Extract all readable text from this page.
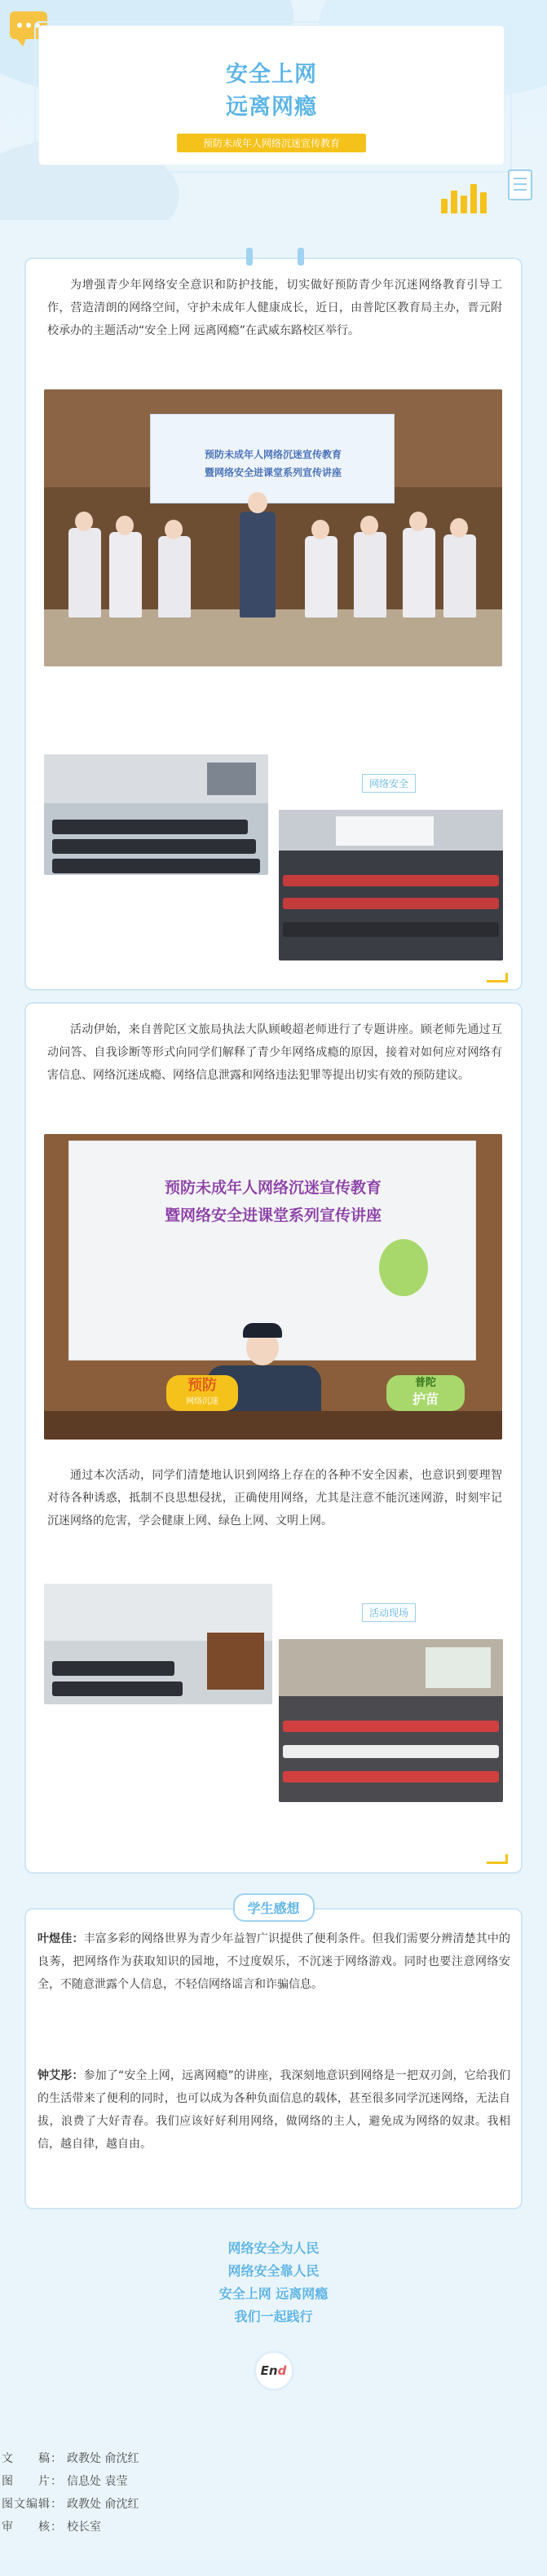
安全上网
远离网瘾
预防未成年人网络沉迷宣传教育
为增强青少年网络安全意识和防护技能，切实做好预防青少年沉迷网络教育引导工作，营造清朗的网络空间，守护未成年人健康成长，近日，由普陀区教育局主办，晋元附校承办的主题活动“安全上网 远离网瘾”在武威东路校区举行。
预防未成年人网络沉迷宣传教育
暨网络安全进课堂系列宣传讲座
网络安全
活动伊始，来自普陀区文旅局执法大队顾峻超老师进行了专题讲座。顾老师先通过互动问答、自我诊断等形式向同学们解释了青少年网络成瘾的原因，接着对如何应对网络有害信息、网络沉迷成瘾、网络信息泄露和网络违法犯罪等提出切实有效的预防建议。
预防未成年人网络沉迷宣传教育
暨网络安全进课堂系列宣传讲座
预防
网络沉迷
普陀
护苗
通过本次活动，同学们清楚地认识到网络上存在的各种不安全因素，也意识到要理智对待各种诱惑，抵制不良思想侵扰，正确使用网络，尤其是注意不能沉迷网游，时刻牢记沉迷网络的危害，学会健康上网、绿色上网、文明上网。
活动现场
学生感想
叶煜佳：丰富多彩的网络世界为青少年益智广识提供了便利条件。但我们需要分辨清楚其中的良莠，把网络作为获取知识的园地，不过度娱乐，不沉迷于网络游戏。同时也要注意网络安全，不随意泄露个人信息，不轻信网络谣言和诈骗信息。
钟艾彤：参加了“安全上网，远离网瘾”的讲座，我深刻地意识到网络是一把双刃剑，它给我们的生活带来了便利的同时，也可以成为各种负面信息的载体，甚至很多同学沉迷网络，无法自拔，浪费了大好青春。我们应该好好利用网络，做网络的主人，避免成为网络的奴隶。我相信，越自律，越自由。
网络安全为人民
网络安全靠人民
安全上网 远离网瘾
我们一起践行
End
文　　稿： 政教处 俞沈红
图　　片： 信息处 袁莹
图文编辑： 政教处 俞沈红
审　　核： 校长室
